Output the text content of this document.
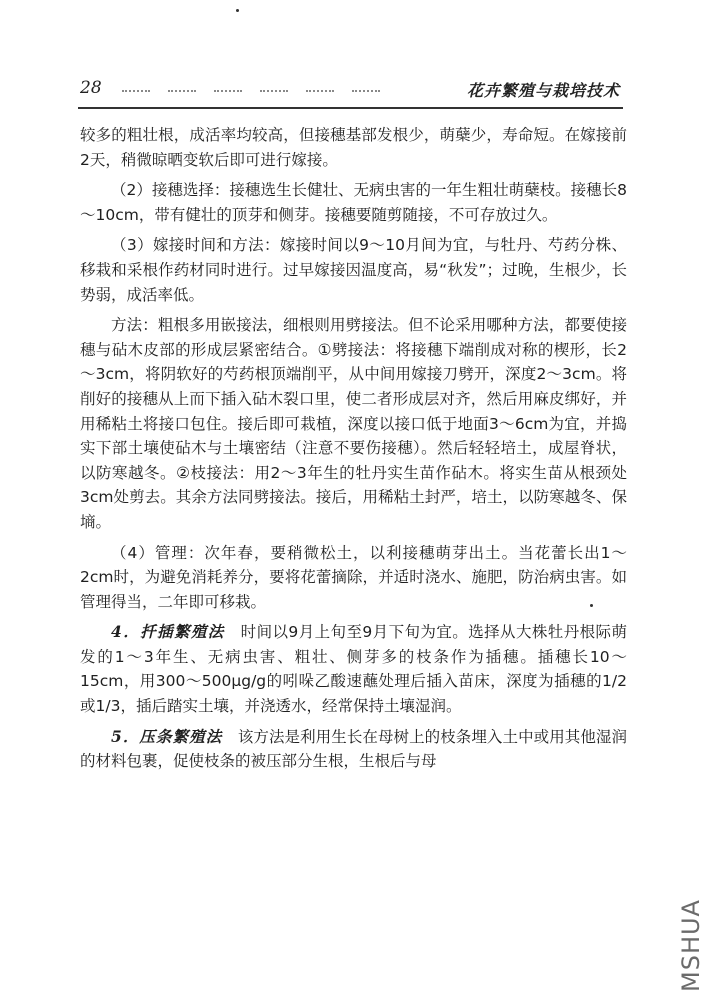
28	花卉繁殖与栽培技术

较多的粗壮根，成活率均较高，但接穗基部发根少，萌蘖少，寿命短。在嫁接前2天，稍微晾晒变软后即可进行嫁接。

（2）接穗选择：接穗选生长健壮、无病虫害的一年生粗壮萌蘖枝。接穗长8～10cm，带有健壮的顶芽和侧芽。接穗要随剪随接，不可存放过久。

（3）嫁接时间和方法：嫁接时间以9～10月间为宜，与牡丹、芍药分株、移栽和采根作药材同时进行。过早嫁接因温度高，易“秋发”；过晚，生根少，长势弱，成活率低。

方法：粗根多用嵌接法，细根则用劈接法。但不论采用哪种方法，都要使接穗与砧木皮部的形成层紧密结合。①劈接法：将接穗下端削成对称的楔形，长2～3cm，将阴软好的芍药根顶端削平，从中间用嫁接刀劈开，深度2～3cm。将削好的接穗从上而下插入砧木裂口里，使二者形成层对齐，然后用麻皮绑好，并用稀粘土将接口包住。接后即可栽植，深度以接口低于地面3～6cm为宜，并捣实下部土壤使砧木与土壤密结（注意不要伤接穗）。然后轻轻培土，成屋脊状，以防寒越冬。②枝接法：用2～3年生的牡丹实生苗作砧木。将实生苗从根颈处3cm处剪去。其余方法同劈接法。接后，用稀粘土封严，培土，以防寒越冬、保墒。

（4）管理：次年春，要稍微松土，以利接穗萌芽出土。当花蕾长出1～2cm时，为避免消耗养分，要将花蕾摘除，并适时浇水、施肥，防治病虫害。如管理得当，二年即可移栽。

4．扦插繁殖法　时间以9月上旬至9月下旬为宜。选择从大株牡丹根际萌发的1～3年生、无病虫害、粗壮、侧芽多的枝条作为插穗。插穗长10～15cm，用300～500μg/g的吲哚乙酸速蘸处理后插入苗床，深度为插穗的1/2或1/3，插后踏实土壤，并浇透水，经常保持土壤湿润。

5．压条繁殖法　该方法是利用生长在母树上的枝条埋入土中或用其他湿润的材料包裹，促使枝条的被压部分生根，生根后与母

MSHUA
